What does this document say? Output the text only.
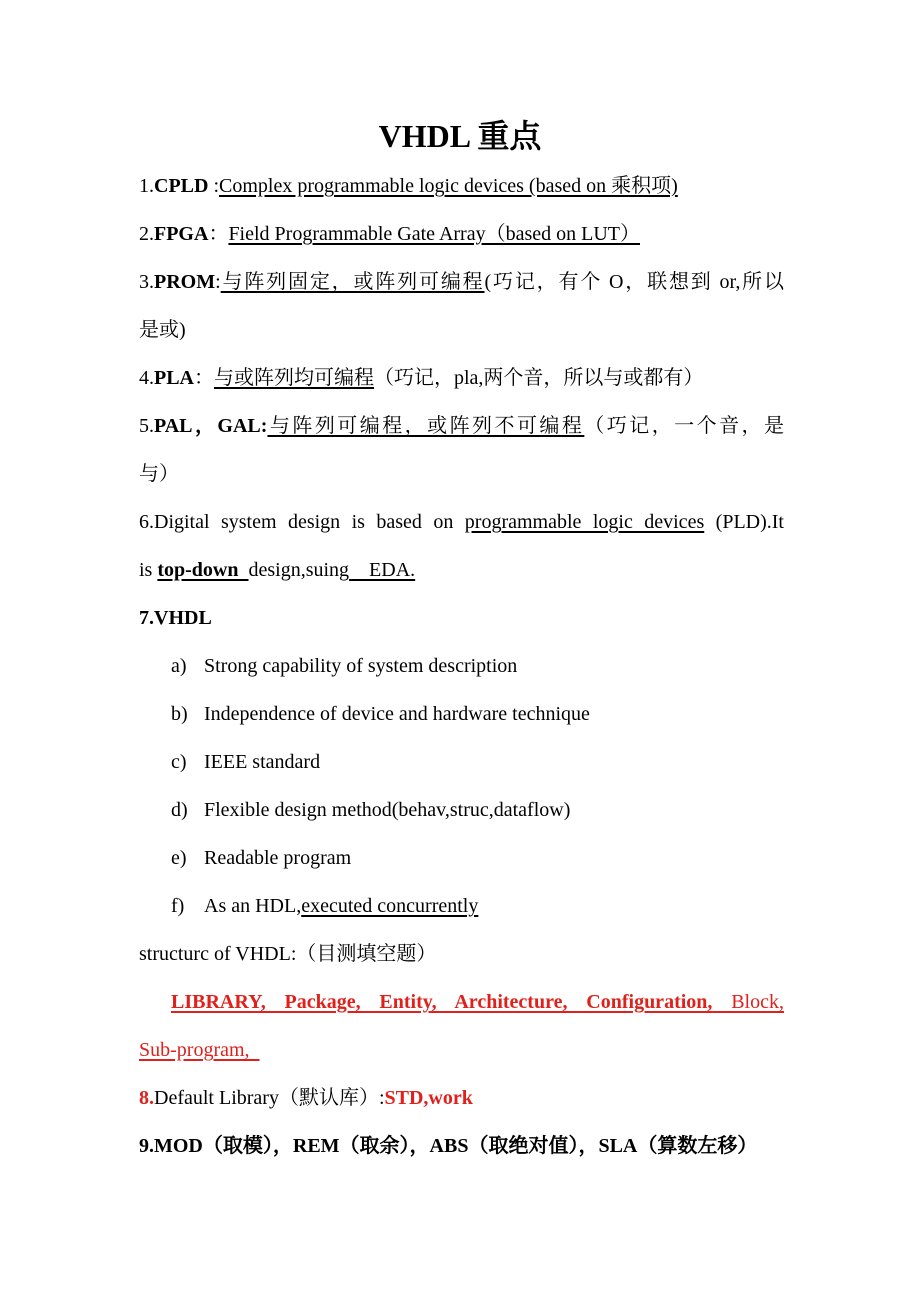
VHDL 重点
1.CPLD :Complex programmable logic devices (based on 乘积项)
2.FPGA：Field Programmable Gate Array（based on LUT）
3.PROM:与阵列固定，或阵列可编程(巧记，有个 O，联想到 or,所以
是或)
4.PLA：与或阵列均可编程（巧记，pla,两个音，所以与或都有）
5.PAL，GAL:与阵列可编程，或阵列不可编程（巧记，一个音，是
与）
6.Digital system design is based on programmable logic devices (PLD).It
is top-down  design,suing    EDA.
7.VHDL
a) Strong capability of system description
b) Independence of device and hardware technique
c) IEEE standard
d) Flexible design method(behav,struc,dataflow)
e) Readable program
f) As an HDL,executed concurrently
structurc of VHDL:（目测填空题）
LIBRARY, Package, Entity, Architecture, Configuration, Block,
Sub-program,
8.Default Library（默认库）:STD,work
9.MOD（取模），REM（取余），ABS（取绝对值），SLA（算数左移）
